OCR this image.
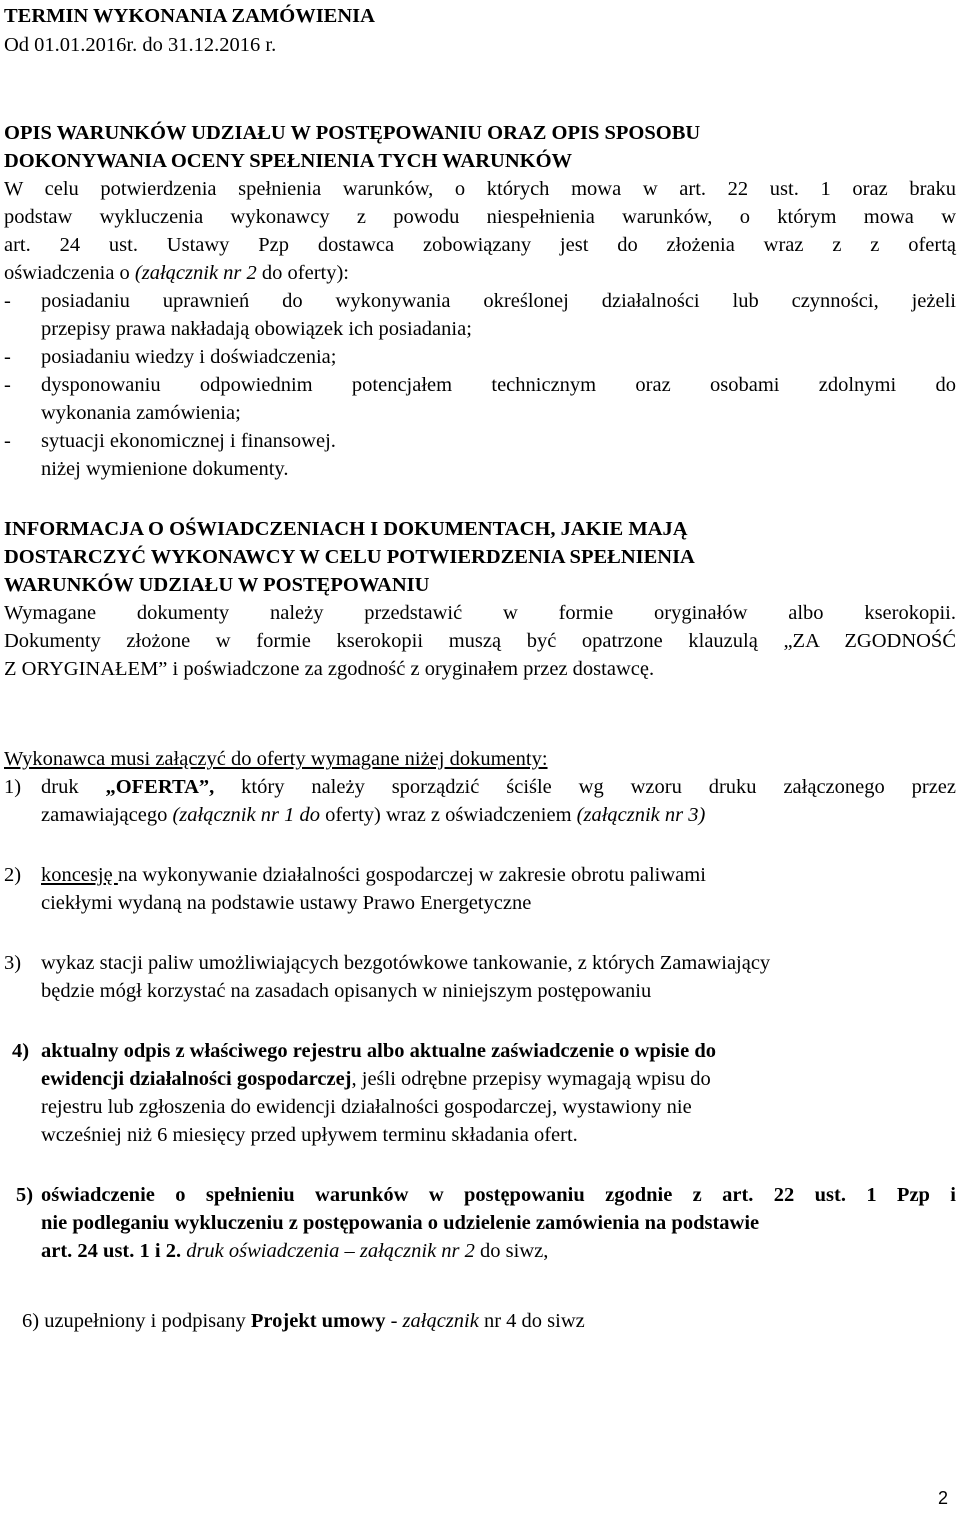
TERMIN WYKONANIA ZAMÓWIENIA
Od 01.01.2016r. do 31.12.2016 r.
OPIS WARUNKÓW UDZIAŁU W POSTĘPOWANIU ORAZ OPIS SPOSOBU
DOKONYWANIA OCENY SPEŁNIENIA TYCH WARUNKÓW
W celu potwierdzenia spełnienia warunków, o których mowa w art. 22 ust. 1 oraz braku
podstaw wykluczenia wykonawcy z powodu niespełnienia warunków, o którym mowa w
art. 24 ust. Ustawy Pzp dostawca zobowiązany jest do złożenia wraz z z ofertą
oświadczenia o (załącznik nr 2 do oferty):
-	posiadaniu uprawnień do wykonywania określonej działalności lub czynności, jeżeli
przepisy prawa nakładają obowiązek ich posiadania;
-	posiadaniu wiedzy i doświadczenia;
-	dysponowaniu odpowiednim potencjałem technicznym oraz osobami zdolnymi do
wykonania zamówienia;
-	sytuacji ekonomicznej i finansowej.
niżej wymienione dokumenty.
INFORMACJA O OŚWIADCZENIACH I DOKUMENTACH, JAKIE MAJĄ
DOSTARCZYĆ WYKONAWCY W CELU POTWIERDZENIA SPEŁNIENIA
WARUNKÓW UDZIAŁU W POSTĘPOWANIU
Wymagane dokumenty należy przedstawić w formie oryginałów albo kserokopii.
Dokumenty złożone w formie kserokopii muszą być opatrzone klauzulą „ZA ZGODNOŚĆ
Z ORYGINAŁEM” i poświadczone za zgodność z oryginałem przez dostawcę.
Wykonawca musi załączyć do oferty wymagane niżej dokumenty:
1) druk „OFERTA”, który należy sporządzić ściśle wg wzoru druku załączonego przez
zamawiającego (załącznik nr 1 do oferty) wraz z oświadczeniem (załącznik nr 3)
2) koncesję na wykonywanie działalności gospodarczej w zakresie obrotu paliwami
ciekłymi wydaną na podstawie ustawy Prawo Energetyczne
3) wykaz stacji paliw umożliwiających bezgotówkowe tankowanie, z których Zamawiający
będzie mógł korzystać na zasadach opisanych w niniejszym postępowaniu
4) aktualny odpis z właściwego rejestru albo aktualne zaświadczenie o wpisie do
ewidencji działalności gospodarczej, jeśli odrębne przepisy wymagają wpisu do
rejestru lub zgłoszenia do ewidencji działalności gospodarczej, wystawiony nie
wcześniej niż 6 miesięcy przed upływem terminu składania ofert.
5) oświadczenie o spełnieniu warunków w postępowaniu zgodnie z art. 22 ust. 1 Pzp i
nie podleganiu wykluczeniu z postępowania o udzielenie zamówienia na podstawie
art. 24 ust. 1 i 2. druk oświadczenia – załącznik nr 2 do siwz,
6) uzupełniony i podpisany Projekt umowy - załącznik nr 4 do siwz
2
